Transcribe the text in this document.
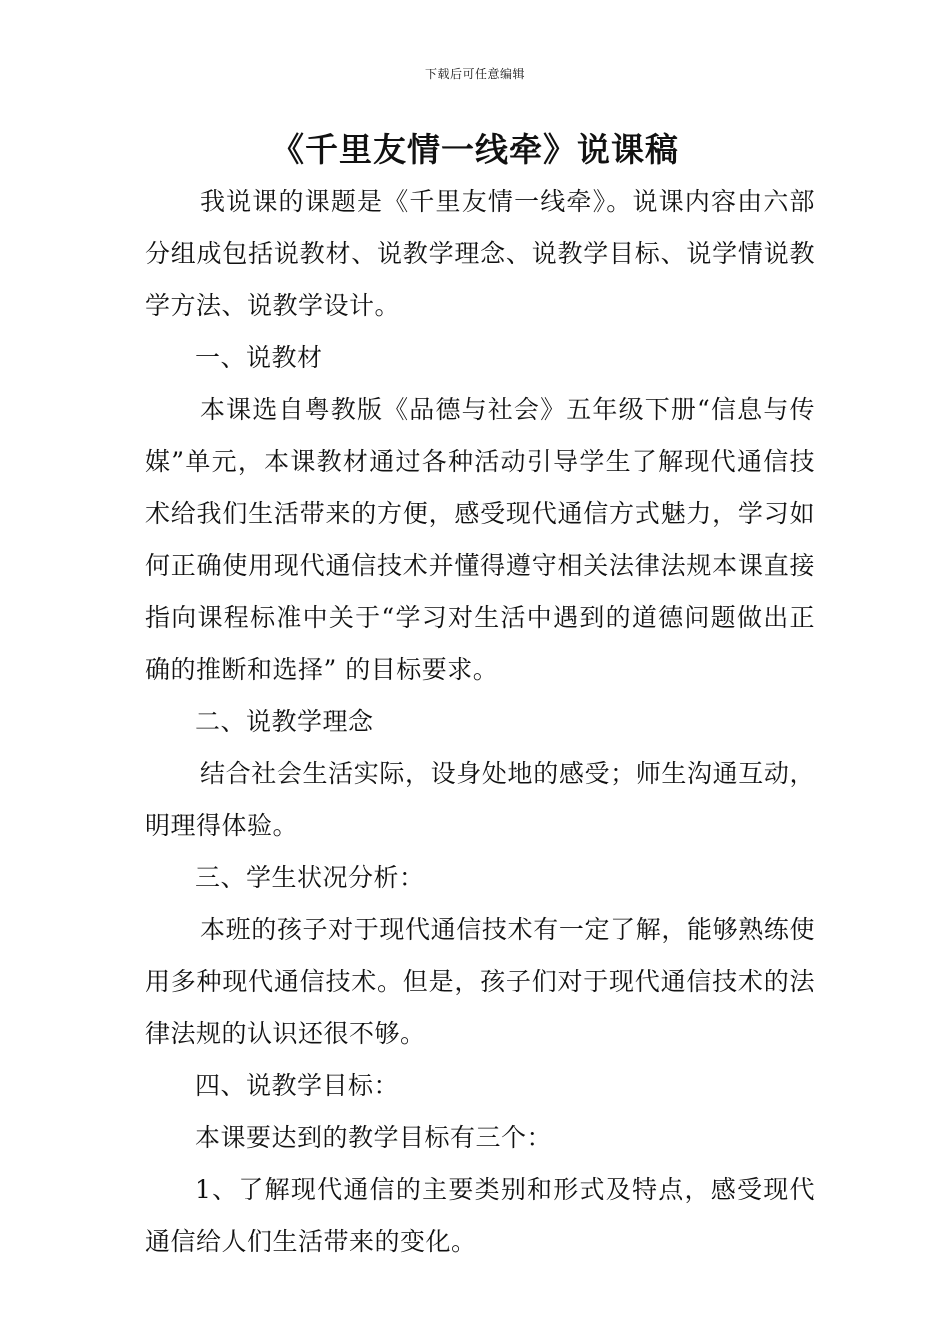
下载后可任意编辑
《千里友情一线牵》说课稿

我说课的课题是《千里友情一线牵》。说课内容由六部分组成包括说教材、说教学理念、说教学目标、说学情说教学方法、说教学设计。

一、说教材

本课选自粤教版《品德与社会》五年级下册“信息与传媒”单元，本课教材通过各种活动引导学生了解现代通信技术给我们生活带来的方便，感受现代通信方式魅力，学习如何正确使用现代通信技术并懂得遵守相关法律法规本课直接指向课程标准中关于“学习对生活中遇到的道德问题做出正确的推断和选择” 的目标要求。

二、说教学理念

结合社会生活实际，设身处地的感受；师生沟通互动，明理得体验。

三、学生状况分析：

本班的孩子对于现代通信技术有一定了解，能够熟练使用多种现代通信技术。但是，孩子们对于现代通信技术的法律法规的认识还很不够。

四、说教学目标：

本课要达到的教学目标有三个：

1、了解现代通信的主要类别和形式及特点，感受现代通信给人们生活带来的变化。
